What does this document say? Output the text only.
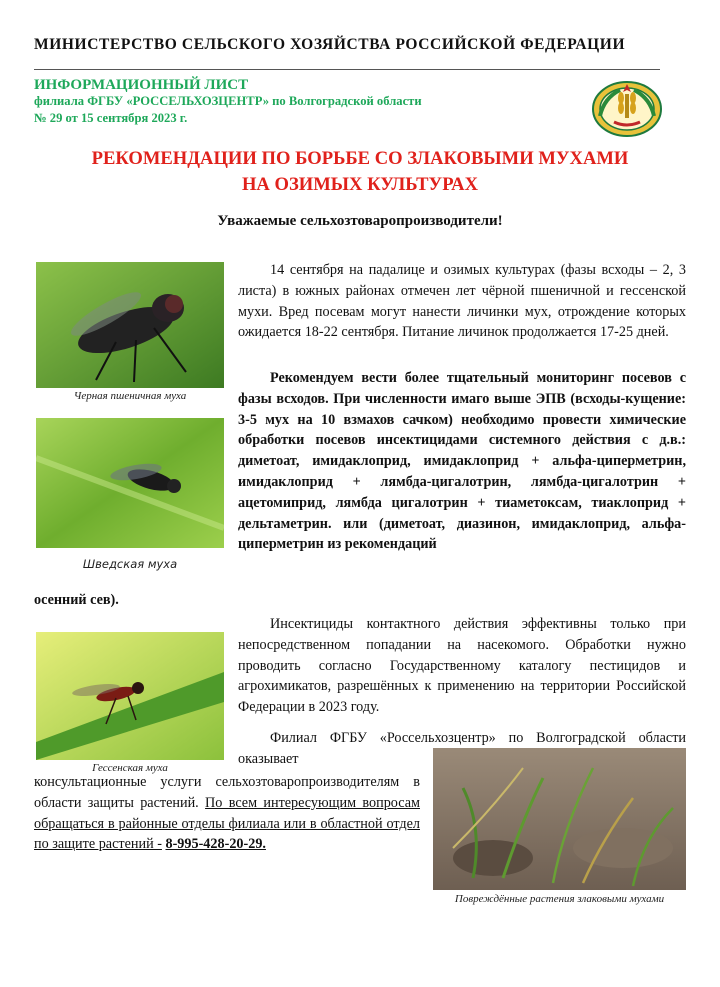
МИНИСТЕРСТВО СЕЛЬСКОГО ХОЗЯЙСТВА РОССИЙСКОЙ ФЕДЕРАЦИИ
ИНФОРМАЦИОННЫЙ ЛИСТ
филиала ФГБУ «РОССЕЛЬХОЗЦЕНТР» по Волгоградской области
№ 29 от 15 сентября 2023 г.
РЕКОМЕНДАЦИИ ПО БОРЬБЕ СО ЗЛАКОВЫМИ МУХАМИ
НА ОЗИМЫХ КУЛЬТУРАХ
Уважаемые сельхозтоваропроизводители!
Черная пшеничная муха
Шведская муха
Гессенская муха
Повреждённые растения злаковыми мухами
14 сентября на падалице и озимых культурах (фазы всходы – 2, 3 листа) в южных районах отмечен лет чёрной пшеничной и гессенской мухи. Вред посевам могут нанести личинки мух, отрождение которых ожидается 18-22 сентября. Питание личинок продолжается 17-25 дней.
Рекомендуем вести более тщательный мониторинг посевов с фазы всходов. При численности имаго выше ЭПВ (всходы-кущение: 3-5 мух на 10 взмахов сачком) необходимо провести химические обработки посевов инсектицидами системного действия с д.в.: диметоат, имидаклоприд, имидаклоприд + альфа-циперметрин, имидаклоприд + лямбда-цигалотрин, лямбда-цигалотрин + ацетомиприд, лямбда цигалотрин + тиаметоксам, тиаклоприд + дельтаметрин. или (диметоат, диазинон, имидаклоприд, альфа-циперметрин из рекомендаций
осенний сев).
Инсектициды контактного действия эффективны только при непосредственном попадании на насекомого. Обработки нужно проводить согласно Государственному каталогу пестицидов и агрохимикатов, разрешённых к применению на территории Российской Федерации в 2023 году.
Филиал ФГБУ «Россельхозцентр» по Волгоградской области оказывает
консультационные услуги сельхозтоваропроизводителям в области защиты растений. По всем интересующим вопросам обращаться в районные отделы филиала или в областной отдел по защите растений - 8-995-428-20-29.
